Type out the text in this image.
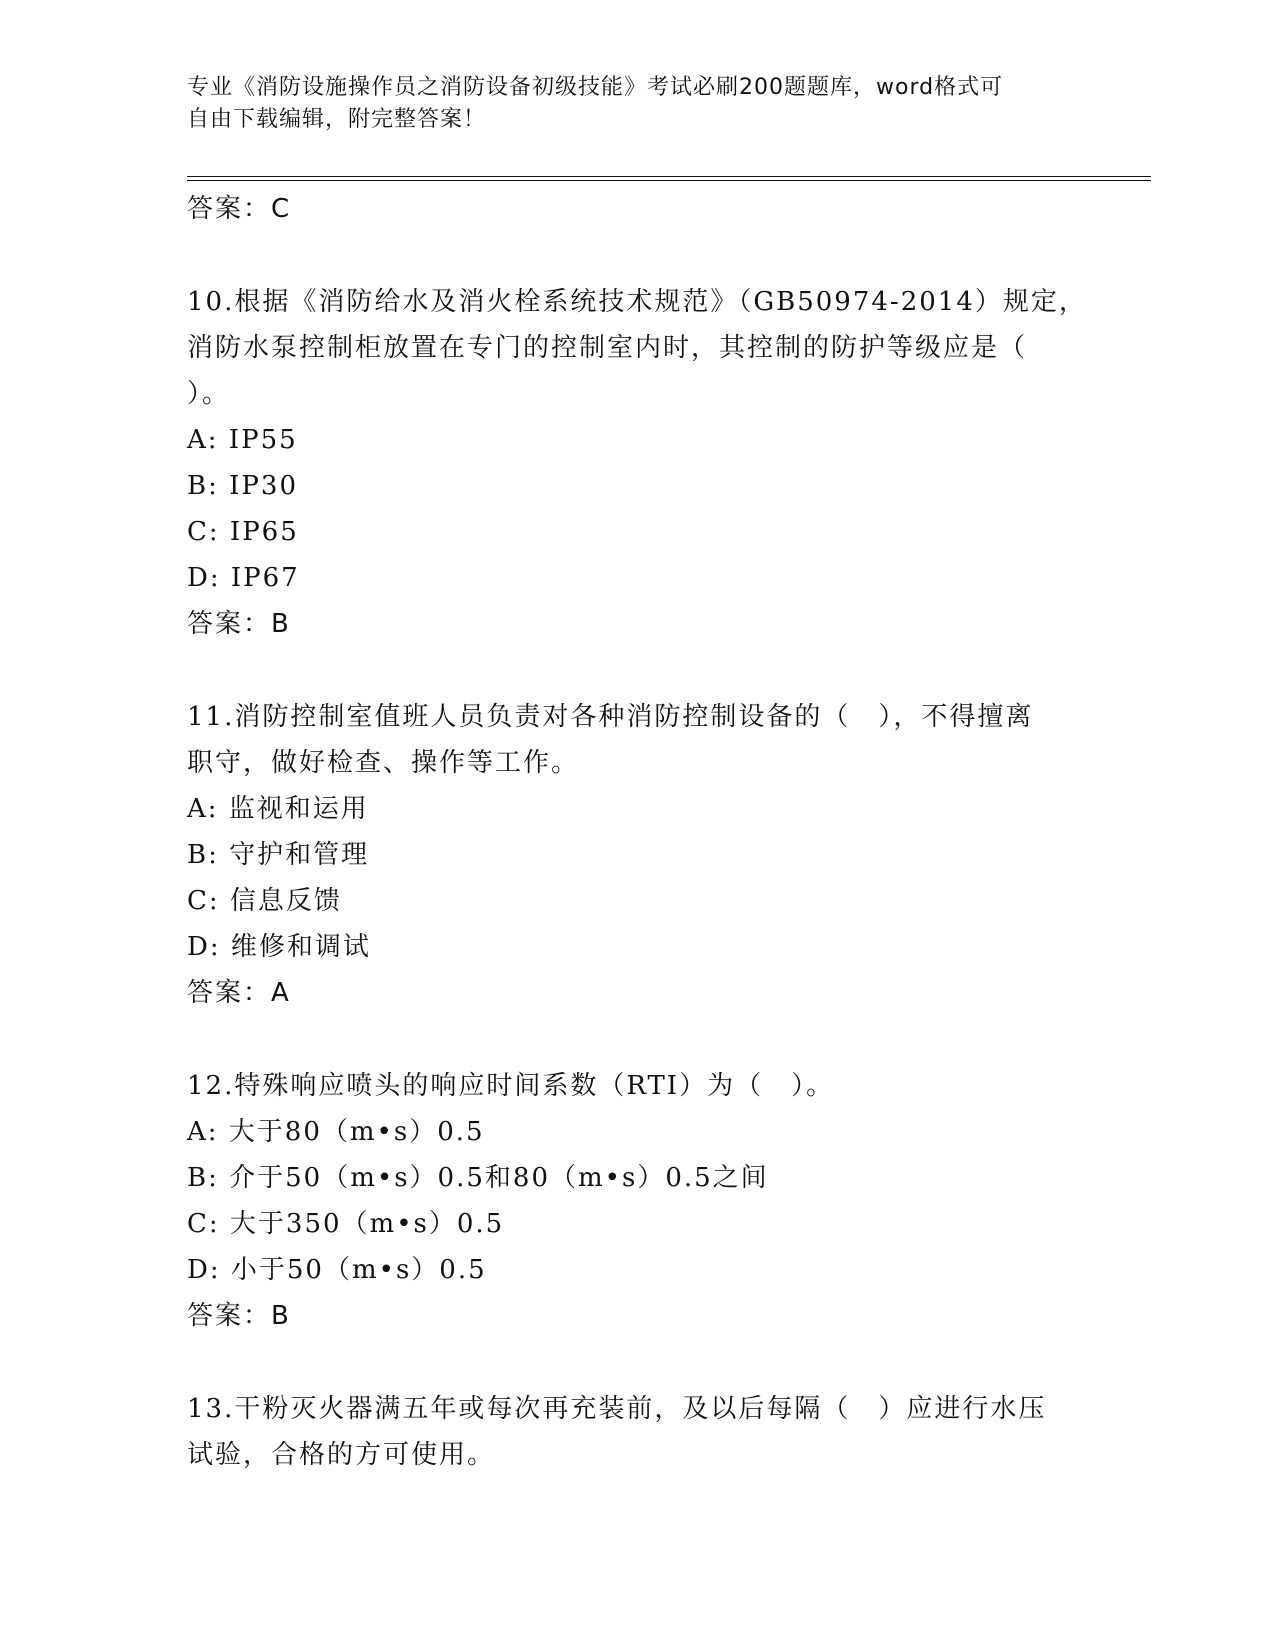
专业《消防设施操作员之消防设备初级技能》考试必刷200题题库，word格式可
自由下载编辑，附完整答案！
答案：C
10.根据《消防给水及消火栓系统技术规范》（GB50974-2014）规定，
消防水泵控制柜放置在专门的控制室内时，其控制的防护等级应是（
）。
A: IP55
B: IP30
C: IP65
D: IP67
答案：B
11.消防控制室值班人员负责对各种消防控制设备的（　），不得擅离
职守，做好检查、操作等工作。
A: 监视和运用
B: 守护和管理
C: 信息反馈
D: 维修和调试
答案：A
12.特殊响应喷头的响应时间系数（RTI）为（　）。
A: 大于80（m•s）0.5
B: 介于50（m•s）0.5和80（m•s）0.5之间
C: 大于350（m•s）0.5
D: 小于50（m•s）0.5
答案：B
13.干粉灭火器满五年或每次再充装前，及以后每隔（　）应进行水压
试验，合格的方可使用。
